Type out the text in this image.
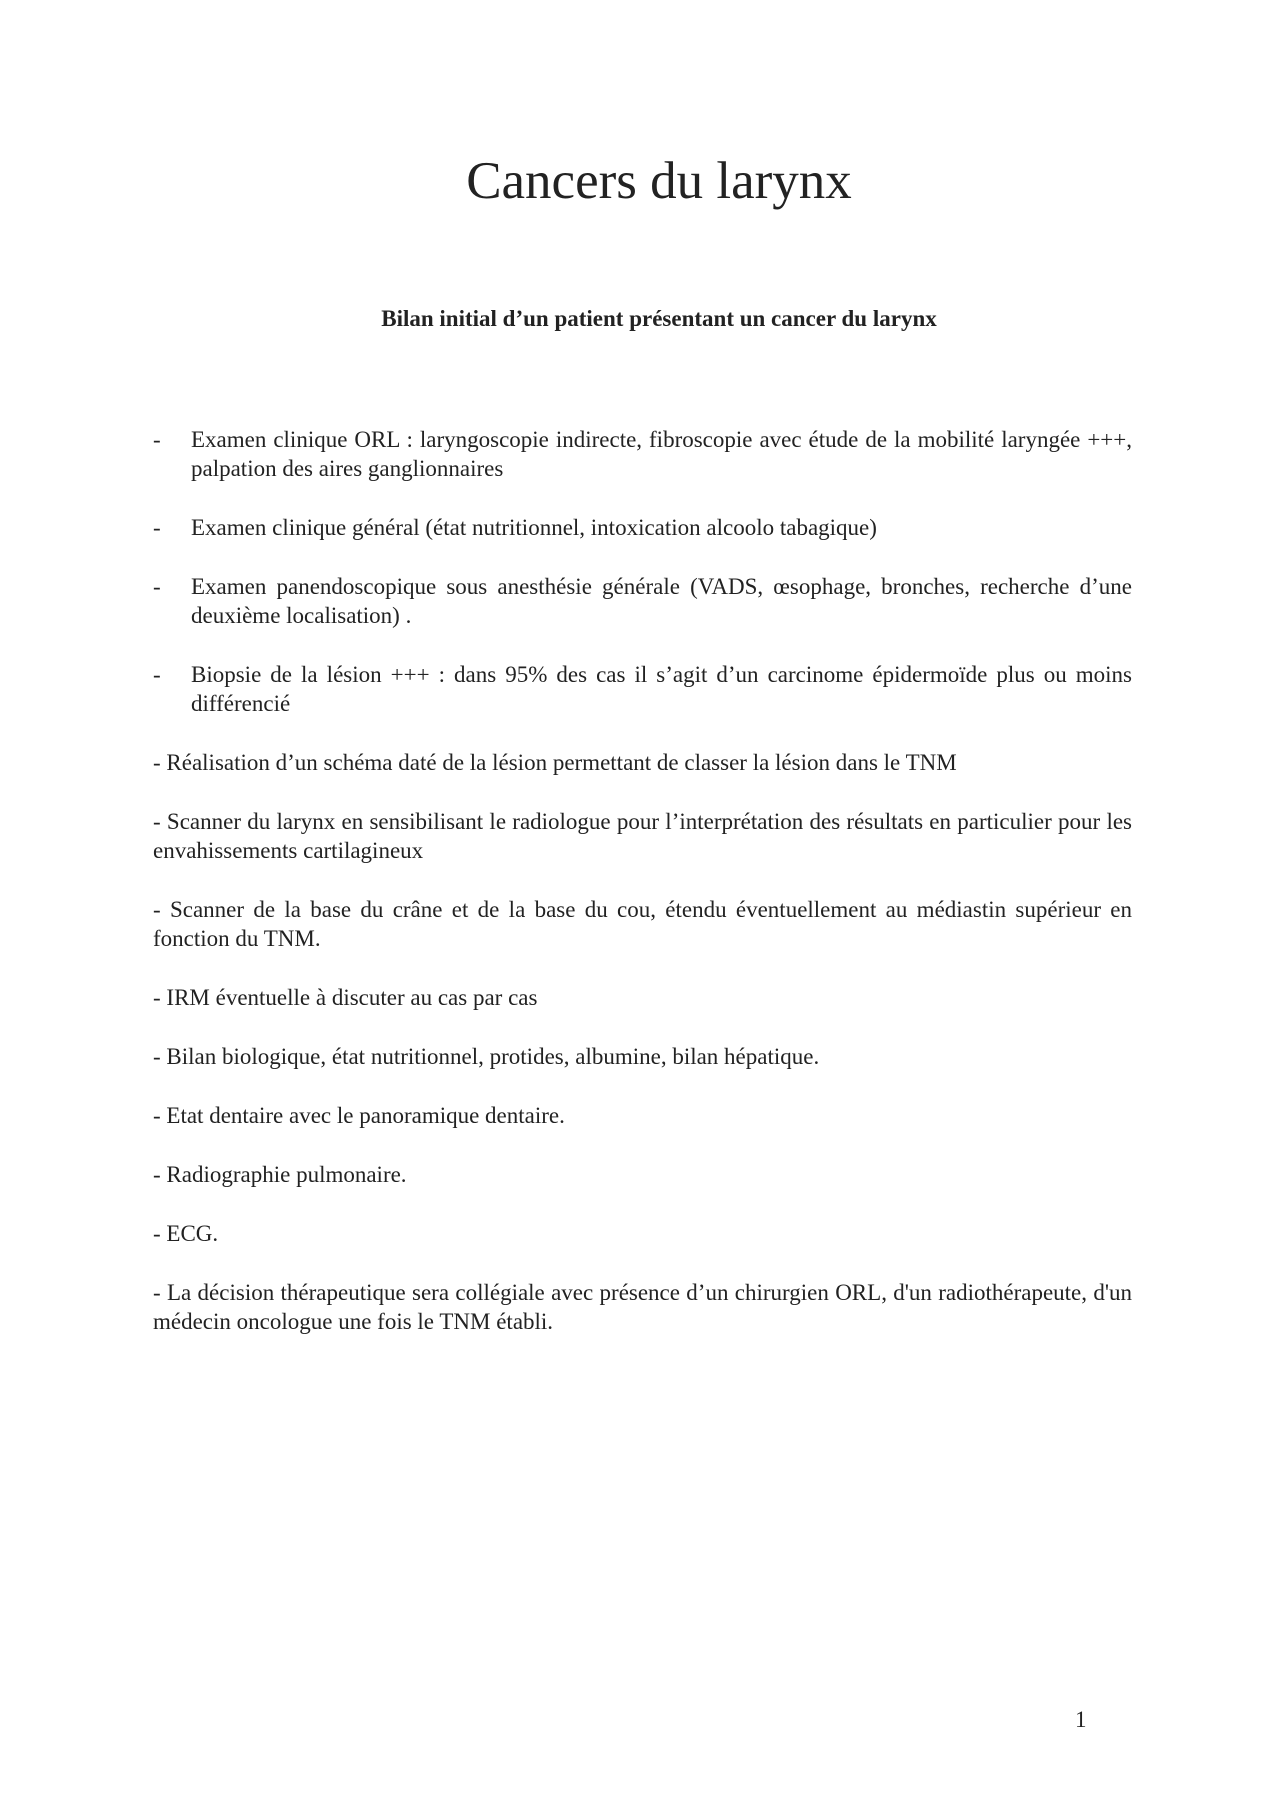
Cancers du larynx
Bilan initial d’un patient présentant un cancer du larynx
-	Examen clinique ORL : laryngoscopie indirecte, fibroscopie avec étude de la mobilité laryngée +++, palpation des aires ganglionnaires
-	Examen clinique général (état nutritionnel, intoxication alcoolo tabagique)
-	Examen panendoscopique sous anesthésie générale (VADS, œsophage, bronches, recherche d’une deuxième localisation) .
-	Biopsie de la lésion +++ : dans 95% des cas il s’agit d’un carcinome épidermoïde plus ou moins différencié

- Réalisation d’un schéma daté de la lésion permettant de classer la lésion dans le TNM

- Scanner du larynx en sensibilisant le radiologue pour l’interprétation des résultats en particulier pour les envahissements cartilagineux

- Scanner de la base du crâne et de la base du cou, étendu éventuellement au médiastin supérieur en fonction du TNM.

- IRM éventuelle à discuter au cas par cas

- Bilan biologique, état nutritionnel, protides, albumine, bilan hépatique.

- Etat dentaire avec le panoramique dentaire.

- Radiographie pulmonaire.

- ECG.

- La décision thérapeutique sera collégiale avec présence d’un chirurgien ORL, d'un radiothérapeute, d'un médecin oncologue une fois le TNM établi.

1
